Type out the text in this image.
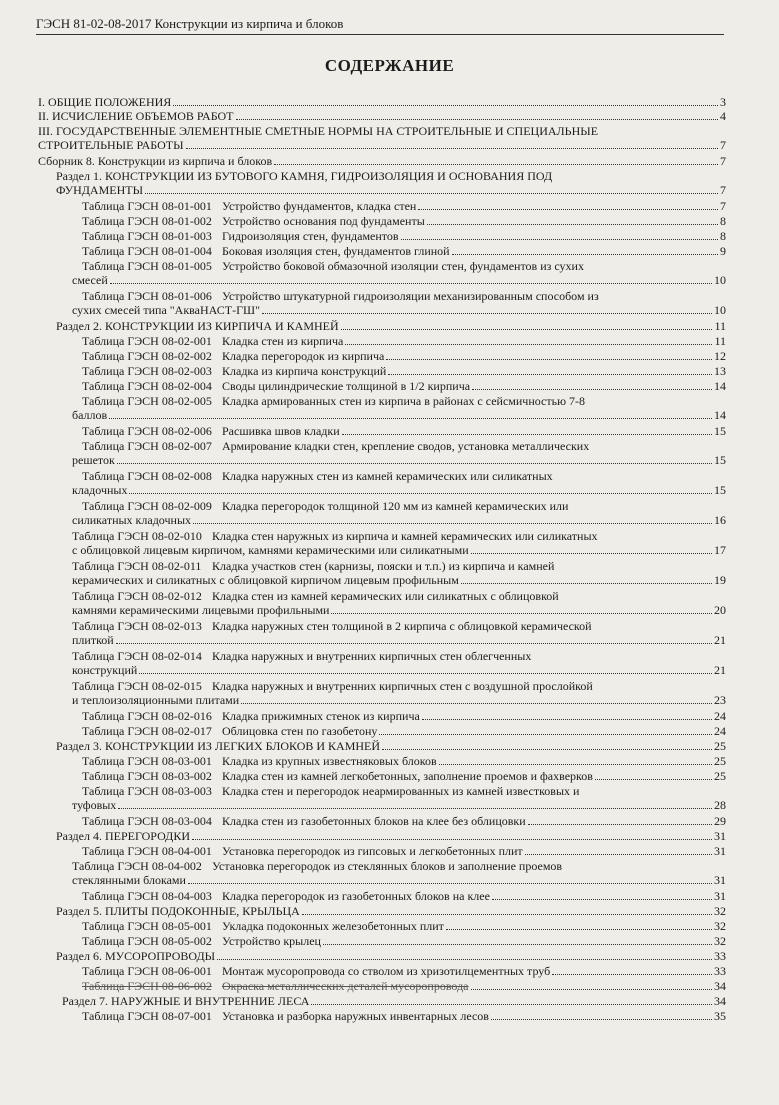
ГЭСН 81-02-08-2017 Конструкции из кирпича и блоков
СОДЕРЖАНИЕ
I. ОБЩИЕ ПОЛОЖЕНИЯ	3
II. ИСЧИСЛЕНИЕ ОБЪЕМОВ РАБОТ	4
III. ГОСУДАРСТВЕННЫЕ ЭЛЕМЕНТНЫЕ СМЕТНЫЕ НОРМЫ НА СТРОИТЕЛЬНЫЕ И СПЕЦИАЛЬНЫЕ
СТРОИТЕЛЬНЫЕ РАБОТЫ	7
Сборник 8. Конструкции из кирпича и блоков	7
Раздел 1. КОНСТРУКЦИИ ИЗ БУТОВОГО КАМНЯ, ГИДРОИЗОЛЯЦИЯ И ОСНОВАНИЯ ПОД
ФУНДАМЕНТЫ	7
Таблица ГЭСН 08-01-001 Устройство фундаментов, кладка стен	7
Таблица ГЭСН 08-01-002 Устройство основания под фундаменты	8
Таблица ГЭСН 08-01-003 Гидроизоляция стен, фундаментов	8
Таблица ГЭСН 08-01-004 Боковая изоляция стен, фундаментов глиной	9
Таблица ГЭСН 08-01-005 Устройство боковой обмазочной изоляции стен, фундаментов из сухих
смесей	10
Таблица ГЭСН 08-01-006 Устройство штукатурной гидроизоляции механизированным способом из
сухих смесей типа "АкваНАСТ-ГШ"	10
Раздел 2. КОНСТРУКЦИИ ИЗ КИРПИЧА И КАМНЕЙ	11
Таблица ГЭСН 08-02-001 Кладка стен из кирпича	11
Таблица ГЭСН 08-02-002 Кладка перегородок из кирпича	12
Таблица ГЭСН 08-02-003 Кладка из кирпича конструкций	13
Таблица ГЭСН 08-02-004 Своды цилиндрические толщиной в 1/2 кирпича	14
Таблица ГЭСН 08-02-005 Кладка армированных стен из кирпича в районах с сейсмичностью 7-8
баллов	14
Таблица ГЭСН 08-02-006 Расшивка швов кладки	15
Таблица ГЭСН 08-02-007 Армирование кладки стен, крепление сводов, установка металлических
решеток	15
Таблица ГЭСН 08-02-008 Кладка наружных стен из камней керамических или силикатных
кладочных	15
Таблица ГЭСН 08-02-009 Кладка перегородок толщиной 120 мм из камней керамических или
силикатных кладочных	16
Таблица ГЭСН 08-02-010 Кладка стен наружных из кирпича и камней керамических или силикатных
с облицовкой лицевым кирпичом, камнями керамическими или силикатными	17
Таблица ГЭСН 08-02-011 Кладка участков стен (карнизы, пояски и т.п.) из кирпича и камней
керамических и силикатных с облицовкой кирпичом лицевым профильным	19
Таблица ГЭСН 08-02-012 Кладка стен из камней керамических или силикатных с облицовкой
камнями керамическими лицевыми профильными	20
Таблица ГЭСН 08-02-013 Кладка наружных стен толщиной в 2 кирпича с облицовкой керамической
плиткой	21
Таблица ГЭСН 08-02-014 Кладка наружных и внутренних кирпичных стен облегченных
конструкций	21
Таблица ГЭСН 08-02-015 Кладка наружных и внутренних кирпичных стен с воздушной прослойкой
и теплоизоляционными плитами	23
Таблица ГЭСН 08-02-016 Кладка прижимных стенок из кирпича	24
Таблица ГЭСН 08-02-017 Облицовка стен по газобетону	24
Раздел 3. КОНСТРУКЦИИ ИЗ ЛЕГКИХ БЛОКОВ И КАМНЕЙ	25
Таблица ГЭСН 08-03-001 Кладка из крупных известняковых блоков	25
Таблица ГЭСН 08-03-002 Кладка стен из камней легкобетонных, заполнение проемов и фахверков	25
Таблица ГЭСН 08-03-003 Кладка стен и перегородок неармированных из камней известковых и
туфовых	28
Таблица ГЭСН 08-03-004 Кладка стен из газобетонных блоков на клее без облицовки	29
Раздел 4. ПЕРЕГОРОДКИ	31
Таблица ГЭСН 08-04-001 Установка перегородок из гипсовых и легкобетонных плит	31
Таблица ГЭСН 08-04-002 Установка перегородок из стеклянных блоков и заполнение проемов
стеклянными блоками	31
Таблица ГЭСН 08-04-003 Кладка перегородок из газобетонных блоков на клее	31
Раздел 5. ПЛИТЫ ПОДОКОННЫЕ, КРЫЛЬЦА	32
Таблица ГЭСН 08-05-001 Укладка подоконных железобетонных плит	32
Таблица ГЭСН 08-05-002 Устройство крылец	32
Раздел 6. МУСОРОПРОВОДЫ	33
Таблица ГЭСН 08-06-001 Монтаж мусоропровода со стволом из хризотилцементных труб	33
Таблица ГЭСН 08-06-002 Окраска металлических деталей мусоропровода	34
Раздел 7. НАРУЖНЫЕ И ВНУТРЕННИЕ ЛЕСА	34
Таблица ГЭСН 08-07-001 Установка и разборка наружных инвентарных лесов	35
